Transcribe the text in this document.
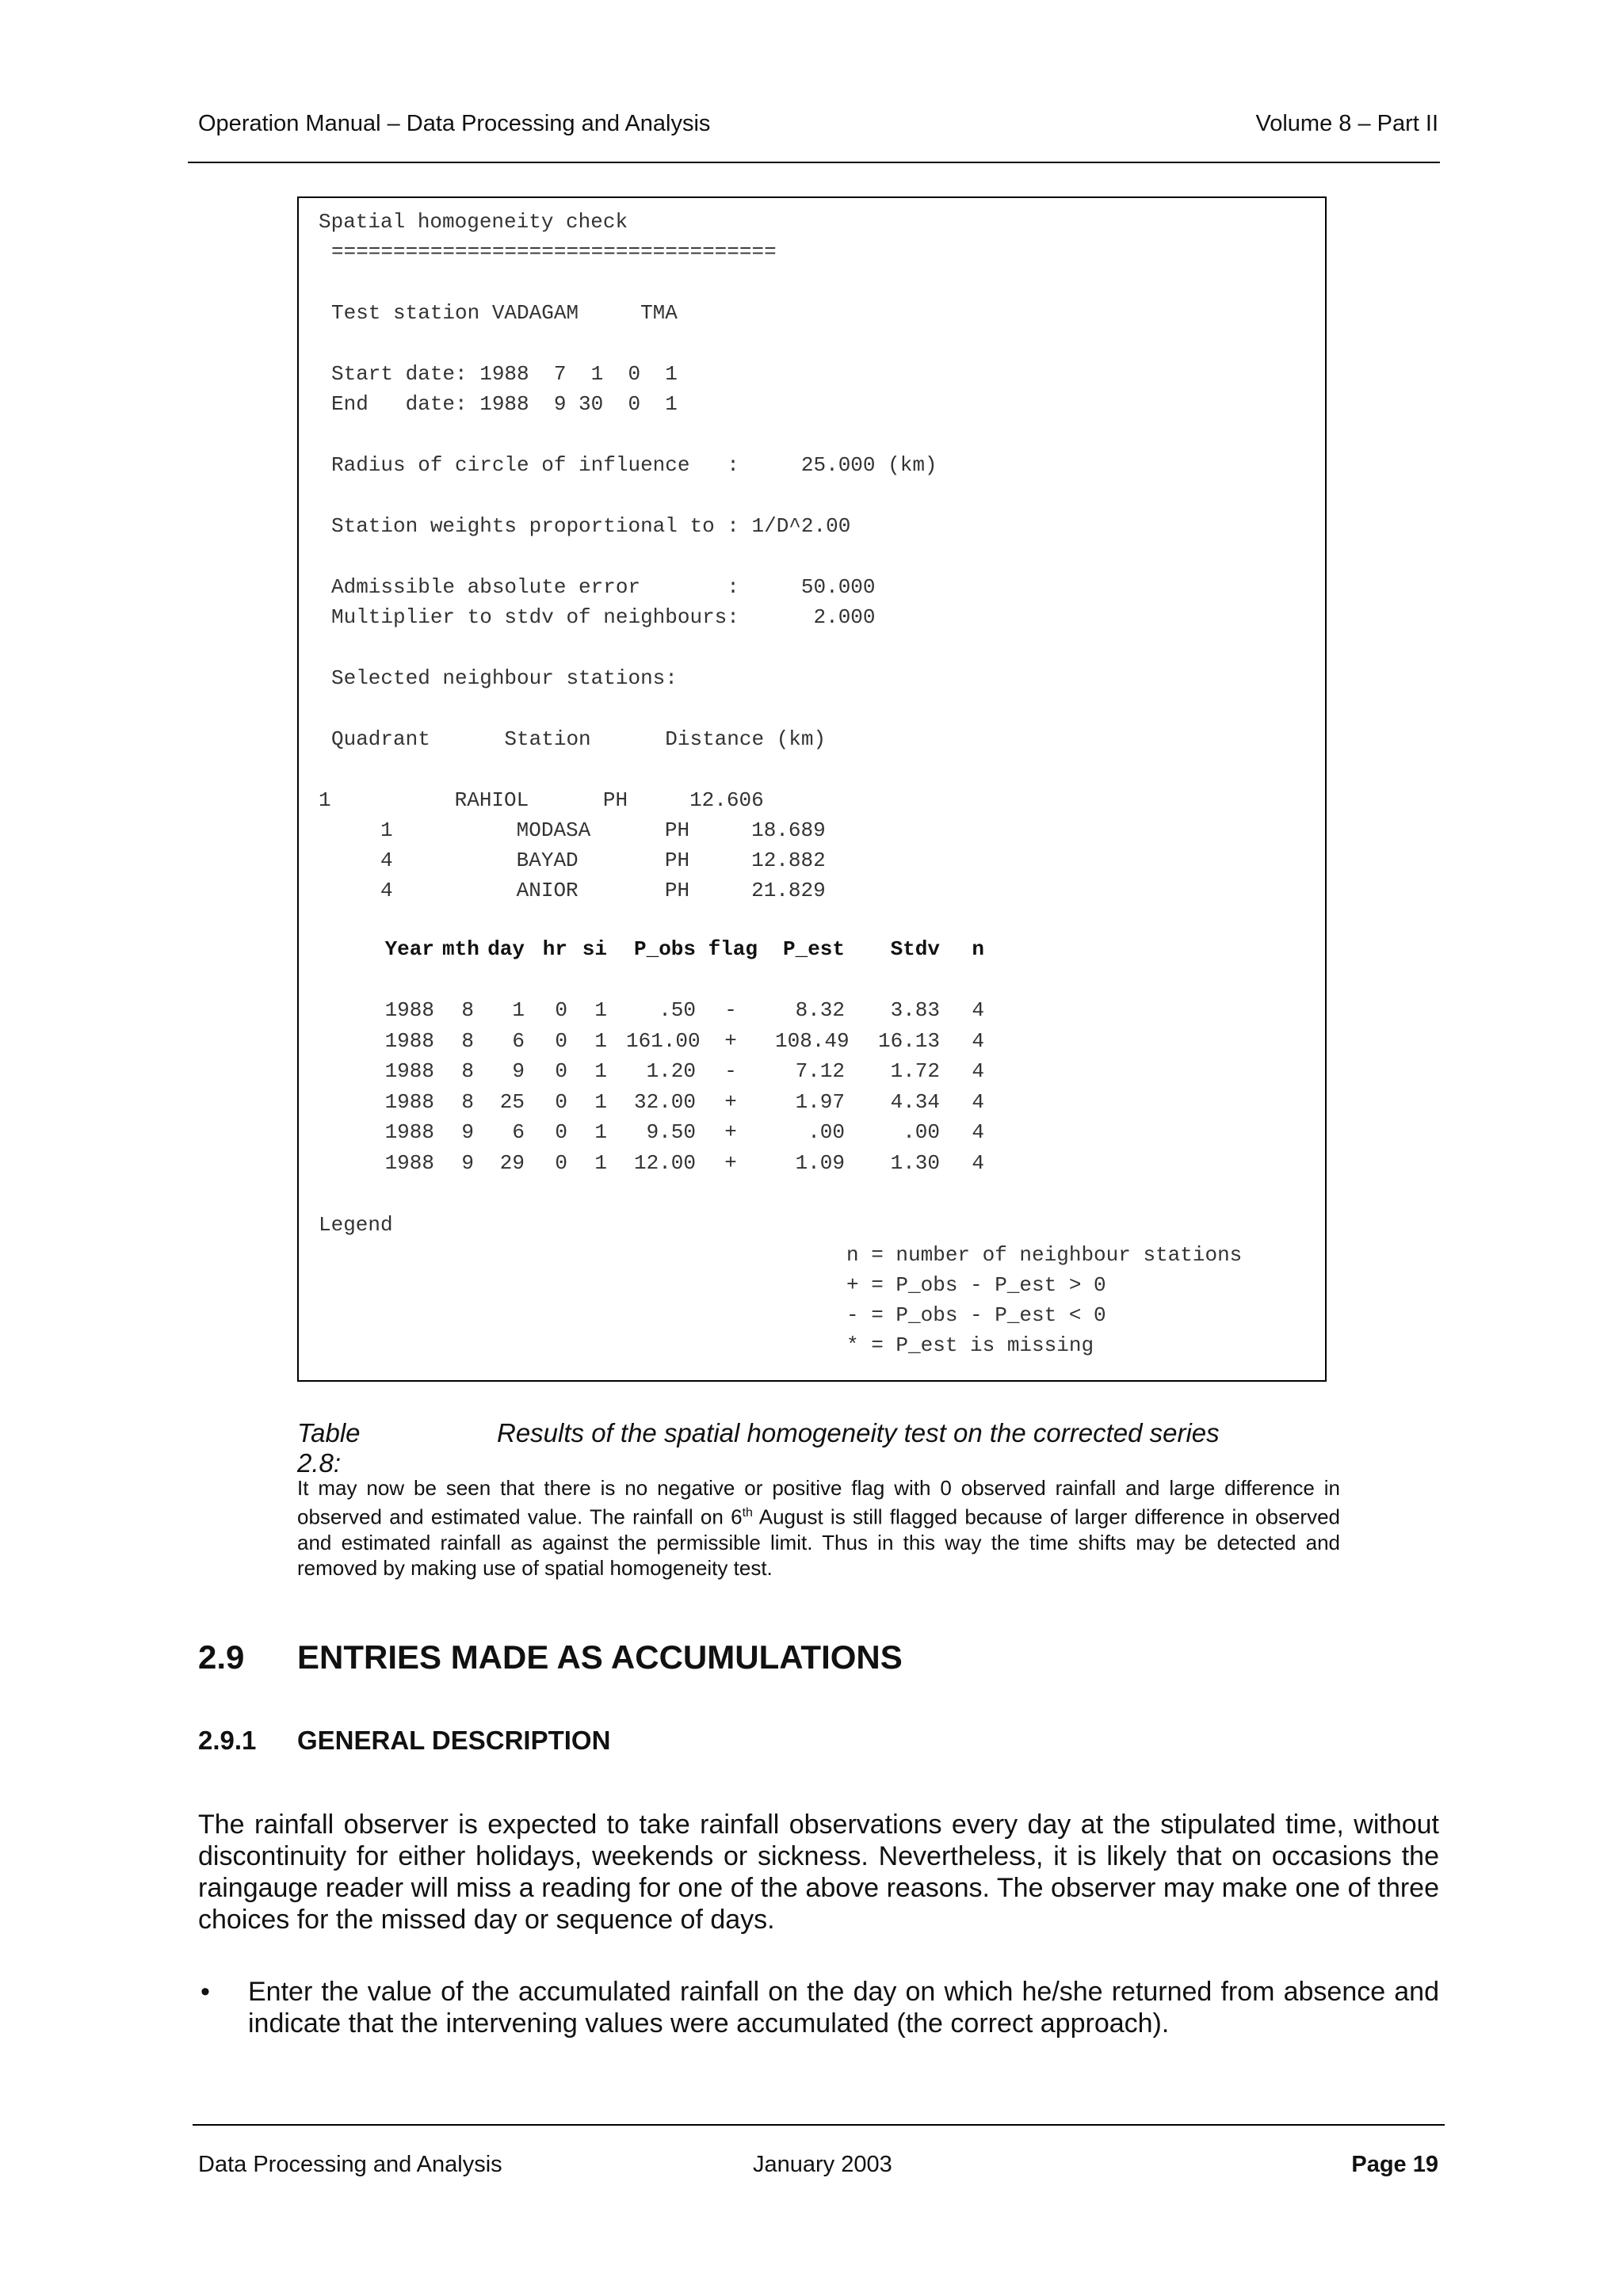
Operation Manual – Data Processing and Analysis	Volume 8 – Part II
Spatial homogeneity check
====================================
Test station VADAGAM     TMA
Start date: 1988  7  1  0  1
End   date: 1988  9 30  0  1
Radius of circle of influence   :     25.000 (km)
Station weights proportional to : 1/D^2.00
Admissible absolute error       :     50.000
Multiplier to stdv of neighbours:      2.000
Selected neighbour stations:
Quadrant      Station      Distance (km)
1          RAHIOL      PH     12.606
1          MODASA      PH     18.689
4          BAYAD       PH     12.882
4          ANIOR       PH     21.829
Year mth day hr si	P_obs flag	P_est	Stdv	n
1988	8	1	0	1	.50	-	8.32	3.83	4
1988	8	6	0	1 161.00	+	108.49	16.13	4
1988	8	9	0	1	1.20	-	7.12	1.72	4
1988	8	25	0	1	32.00	+	1.97	4.34	4
1988	9	6	0	1	9.50	+	.00	.00	4
1988	9	29	0	1	12.00	+	1.09	1.30	4
Legend
n = number of neighbour stations
+ = P_obs - P_est > 0
- = P_obs - P_est < 0
* = P_est is missing
Table 2.8:
Results of the spatial homogeneity test on the corrected series
It may now be seen that there is no negative or positive flag with 0 observed rainfall and large difference in observed and estimated value. The rainfall on 6th August is still flagged because of larger difference in observed and estimated rainfall as against the permissible limit. Thus in this way the time shifts may be detected and removed by making use of spatial homogeneity test.
2.9 ENTRIES MADE AS ACCUMULATIONS
2.9.1 GENERAL DESCRIPTION
The rainfall observer is expected to take rainfall observations every day at the stipulated time, without discontinuity for either holidays, weekends or sickness. Nevertheless, it is likely that on occasions the raingauge reader will miss a reading for one of the above reasons. The observer may make one of three choices for the missed day or sequence of days.
• Enter the value of the accumulated rainfall on the day on which he/she returned from absence and indicate that the intervening values were accumulated (the correct approach).
Data Processing and Analysis	January 2003	Page 19
